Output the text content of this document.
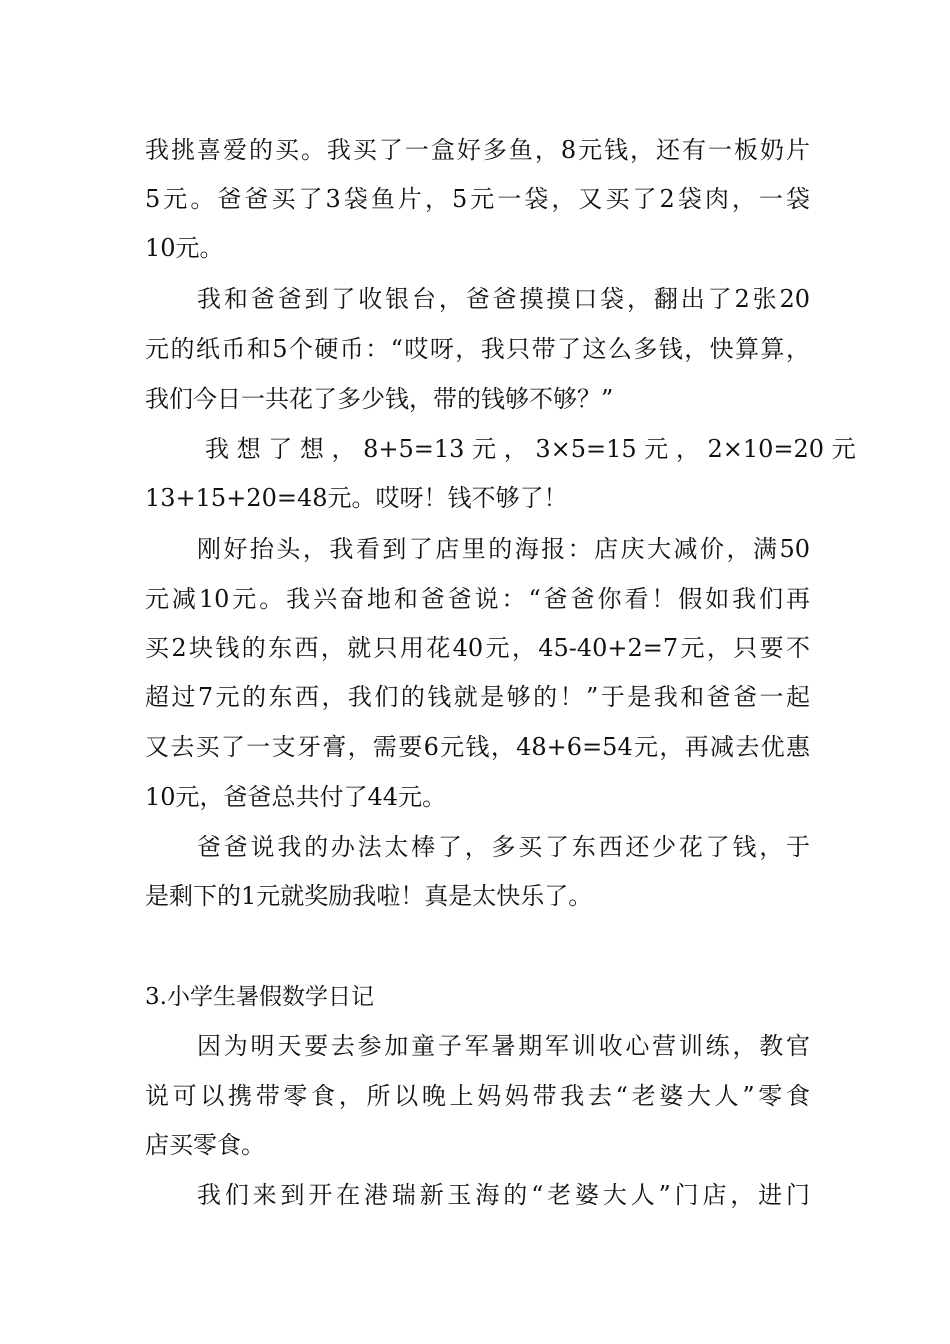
我挑喜爱的买。我买了一盒好多鱼，8元钱，还有一板奶片
5元。爸爸买了3袋鱼片，5元一袋，又买了2袋肉，一袋
10元。
我和爸爸到了收银台，爸爸摸摸口袋，翻出了2张20
元的纸币和5个硬币：“哎呀，我只带了这么多钱，快算算，
我们今日一共花了多少钱，带的钱够不够？”
我 想 了 想 ， 8+5=13 元 ， 3×5=15 元 ， 2×10=20 元
13+15+20=48元。哎呀！钱不够了！
刚好抬头，我看到了店里的海报：店庆大减价，满50
元减10元。我兴奋地和爸爸说：“爸爸你看！假如我们再
买2块钱的东西，就只用花40元，45-40+2=7元，只要不
超过7元的东西，我们的钱就是够的！”于是我和爸爸一起
又去买了一支牙膏，需要6元钱，48+6=54元，再减去优惠
10元，爸爸总共付了44元。
爸爸说我的办法太棒了，多买了东西还少花了钱，于
是剩下的1元就奖励我啦！真是太快乐了。
3.小学生暑假数学日记
因为明天要去参加童子军暑期军训收心营训练，教官
说可以携带零食，所以晚上妈妈带我去“老婆大人”零食
店买零食。
我们来到开在港瑞新玉海的“老婆大人”门店，进门
